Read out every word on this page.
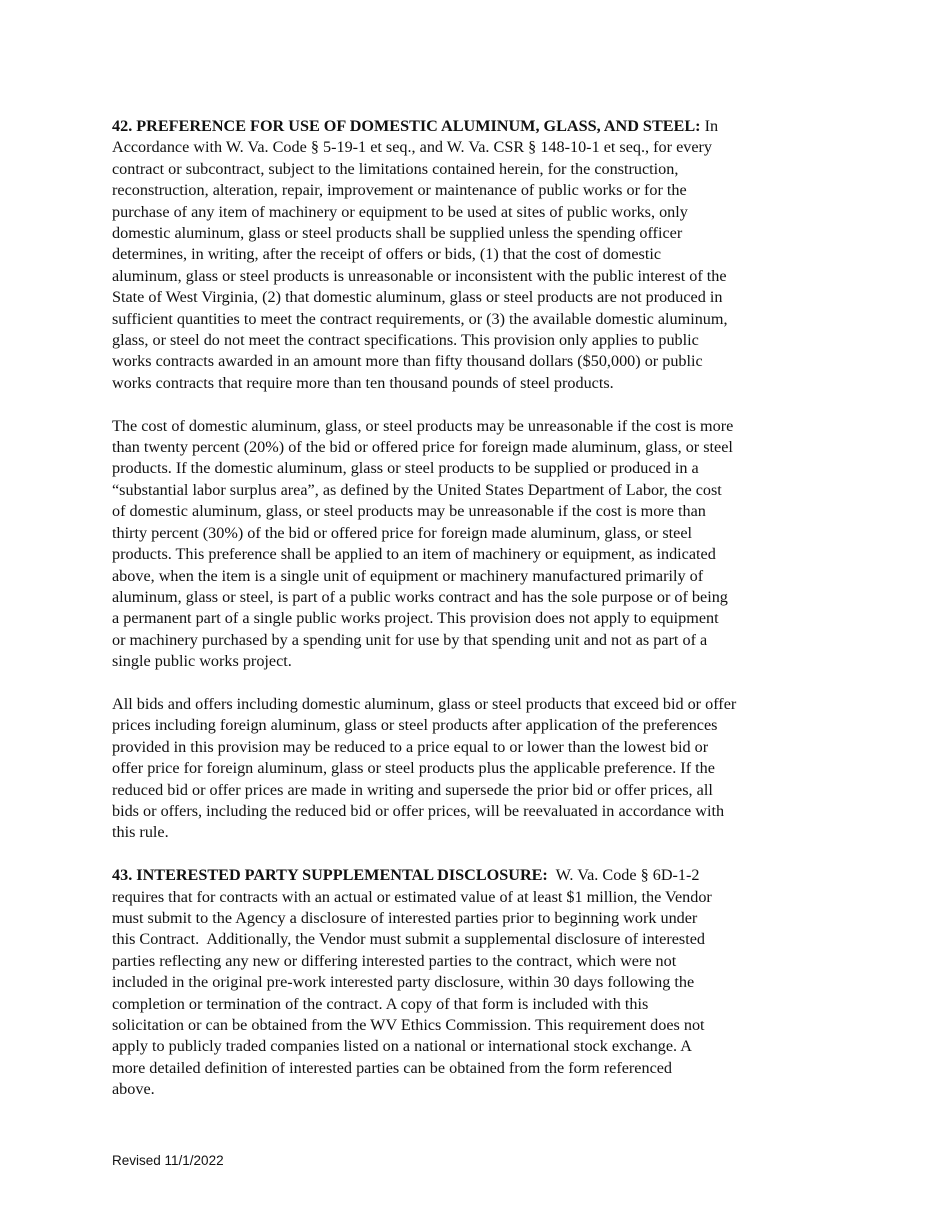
42. PREFERENCE FOR USE OF DOMESTIC ALUMINUM, GLASS, AND STEEL: In
Accordance with W. Va. Code § 5-19-1 et seq., and W. Va. CSR § 148-10-1 et seq., for every
contract or subcontract, subject to the limitations contained herein, for the construction,
reconstruction, alteration, repair, improvement or maintenance of public works or for the
purchase of any item of machinery or equipment to be used at sites of public works, only
domestic aluminum, glass or steel products shall be supplied unless the spending officer
determines, in writing, after the receipt of offers or bids, (1) that the cost of domestic
aluminum, glass or steel products is unreasonable or inconsistent with the public interest of the
State of West Virginia, (2) that domestic aluminum, glass or steel products are not produced in
sufficient quantities to meet the contract requirements, or (3) the available domestic aluminum,
glass, or steel do not meet the contract specifications. This provision only applies to public
works contracts awarded in an amount more than fifty thousand dollars ($50,000) or public
works contracts that require more than ten thousand pounds of steel products.

The cost of domestic aluminum, glass, or steel products may be unreasonable if the cost is more
than twenty percent (20%) of the bid or offered price for foreign made aluminum, glass, or steel
products. If the domestic aluminum, glass or steel products to be supplied or produced in a
“substantial labor surplus area”, as defined by the United States Department of Labor, the cost
of domestic aluminum, glass, or steel products may be unreasonable if the cost is more than
thirty percent (30%) of the bid or offered price for foreign made aluminum, glass, or steel
products. This preference shall be applied to an item of machinery or equipment, as indicated
above, when the item is a single unit of equipment or machinery manufactured primarily of
aluminum, glass or steel, is part of a public works contract and has the sole purpose or of being
a permanent part of a single public works project. This provision does not apply to equipment
or machinery purchased by a spending unit for use by that spending unit and not as part of a
single public works project.

All bids and offers including domestic aluminum, glass or steel products that exceed bid or offer
prices including foreign aluminum, glass or steel products after application of the preferences
provided in this provision may be reduced to a price equal to or lower than the lowest bid or
offer price for foreign aluminum, glass or steel products plus the applicable preference. If the
reduced bid or offer prices are made in writing and supersede the prior bid or offer prices, all
bids or offers, including the reduced bid or offer prices, will be reevaluated in accordance with
this rule.

43. INTERESTED PARTY SUPPLEMENTAL DISCLOSURE:  W. Va. Code § 6D-1-2
requires that for contracts with an actual or estimated value of at least $1 million, the Vendor
must submit to the Agency a disclosure of interested parties prior to beginning work under
this Contract.  Additionally, the Vendor must submit a supplemental disclosure of interested
parties reflecting any new or differing interested parties to the contract, which were not
included in the original pre-work interested party disclosure, within 30 days following the
completion or termination of the contract. A copy of that form is included with this
solicitation or can be obtained from the WV Ethics Commission. This requirement does not
apply to publicly traded companies listed on a national or international stock exchange. A
more detailed definition of interested parties can be obtained from the form referenced
above.

Revised 11/1/2022
